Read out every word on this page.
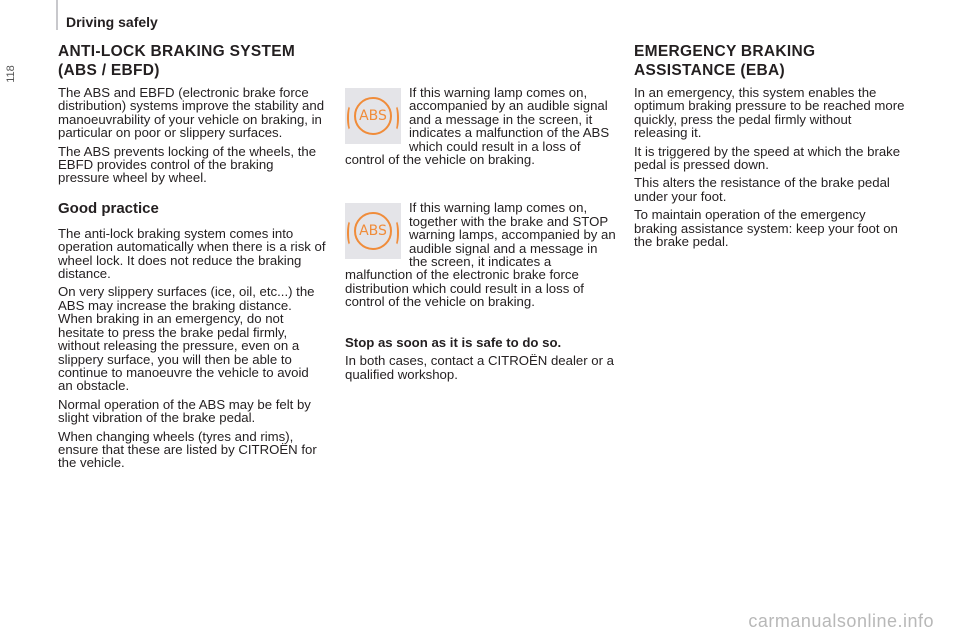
Driving safely
118
ANTI-LOCK BRAKING SYSTEM (ABS / EBFD)

The ABS and EBFD (electronic brake force distribution) systems improve the stability and manoeuvrability of your vehicle on braking, in particular on poor or slippery surfaces.

The ABS prevents locking of the wheels, the EBFD provides control of the braking pressure wheel by wheel.

Good practice

The anti-lock braking system comes into operation automatically when there is a risk of wheel lock. It does not reduce the braking distance.

On very slippery surfaces (ice, oil, etc...) the ABS may increase the braking distance. When braking in an emergency, do not hesitate to press the brake pedal firmly, without releasing the pressure, even on a slippery surface, you will then be able to continue to manoeuvre the vehicle to avoid an obstacle.

Normal operation of the ABS may be felt by slight vibration of the brake pedal.

When changing wheels (tyres and rims), ensure that these are listed by CITROËN for the vehicle.

ABS

If this warning lamp comes on, accompanied by an audible signal and a message in the screen, it indicates a malfunction of the ABS which could result in a loss of control of the vehicle on braking.

ABS

If this warning lamp comes on, together with the brake and STOP warning lamps, accompanied by an audible signal and a message in the screen, it indicates a malfunction of the electronic brake force distribution which could result in a loss of control of the vehicle on braking.

Stop as soon as it is safe to do so.

In both cases, contact a CITROËN dealer or a qualified workshop.

EMERGENCY BRAKING ASSISTANCE (EBA)

In an emergency, this system enables the optimum braking pressure to be reached more quickly, press the pedal firmly without releasing it.

It is triggered by the speed at which the brake pedal is pressed down.

This alters the resistance of the brake pedal under your foot.

To maintain operation of the emergency braking assistance system: keep your foot on the brake pedal.

carmanualsonline.info
